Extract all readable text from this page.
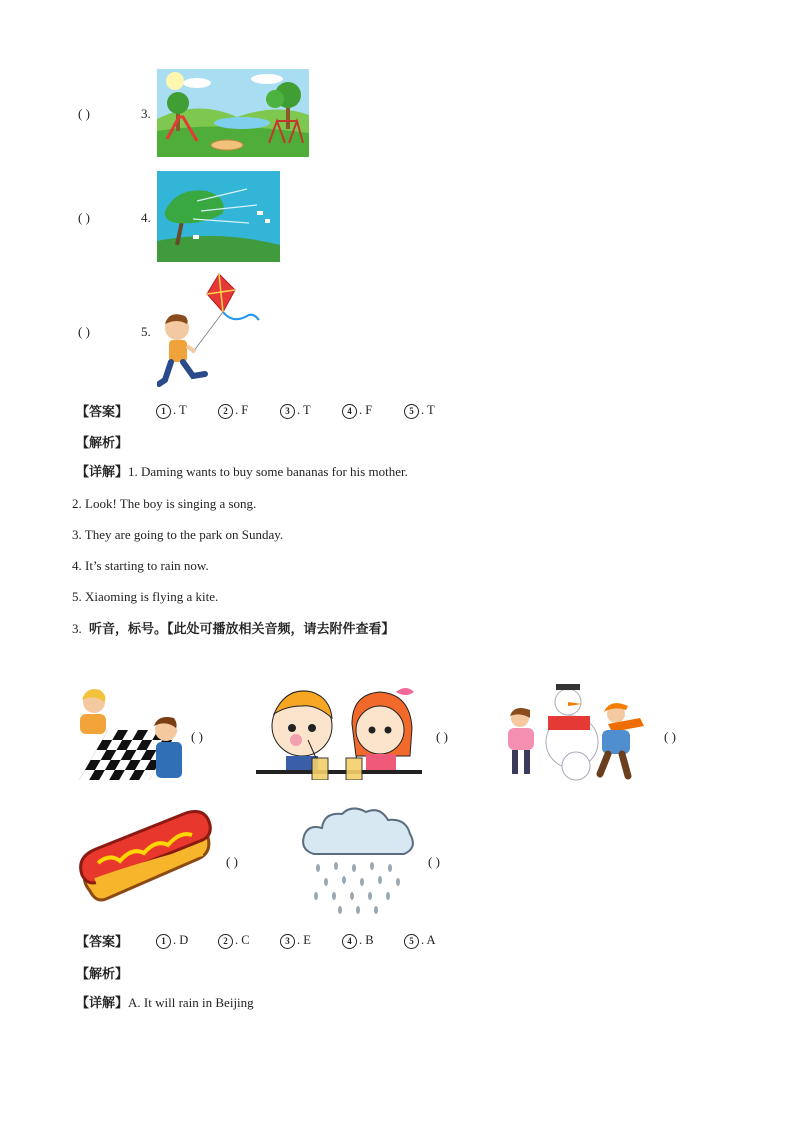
( )	3.
( )	4.
( )	5.
【答案】	1 . T	2 . F	3 . T	4 . F	5 . T
【解析】
【详解】1. Daming wants to buy some bananas for his mother.
2. Look! The boy is singing a song.
3. They are going to the park on Sunday.
4. It’s starting to rain now.
5. Xiaoming is flying a kite.
3. 听音，标号。【此处可播放相关音频，请去附件查看】
( )	( )	( )
( )	( )
【答案】	1 . D	2 . C	3 . E	4 . B	5 . A
【解析】
【详解】A. It will rain in Beijing
